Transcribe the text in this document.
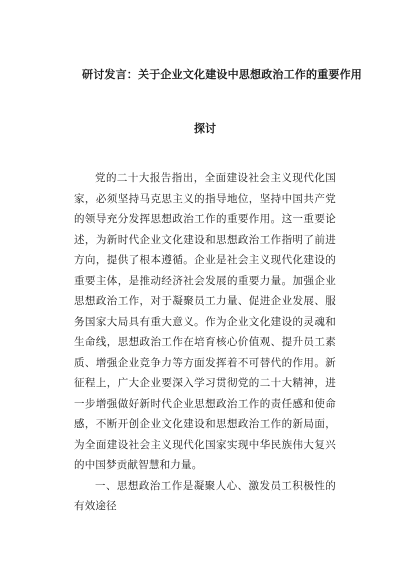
研讨发言：关于企业文化建设中思想政治工作的重要作用
探讨

党的二十大报告指出，全面建设社会主义现代化国家，必须坚持马克思主义的指导地位，坚持中国共产党的领导充分发挥思想政治工作的重要作用。这一重要论述，为新时代企业文化建设和思想政治工作指明了前进方向，提供了根本遵循。企业是社会主义现代化建设的重要主体，是推动经济社会发展的重要力量。加强企业思想政治工作，对于凝聚员工力量、促进企业发展、服务国家大局具有重大意义。作为企业文化建设的灵魂和生命线，思想政治工作在培育核心价值观、提升员工素质、增强企业竞争力等方面发挥着不可替代的作用。新征程上，广大企业要深入学习贯彻党的二十大精神，进一步增强做好新时代企业思想政治工作的责任感和使命感，不断开创企业文化建设和思想政治工作的新局面，为全面建设社会主义现代化国家实现中华民族伟大复兴的中国梦贡献智慧和力量。

一、思想政治工作是凝聚人心、激发员工积极性的有效途径
